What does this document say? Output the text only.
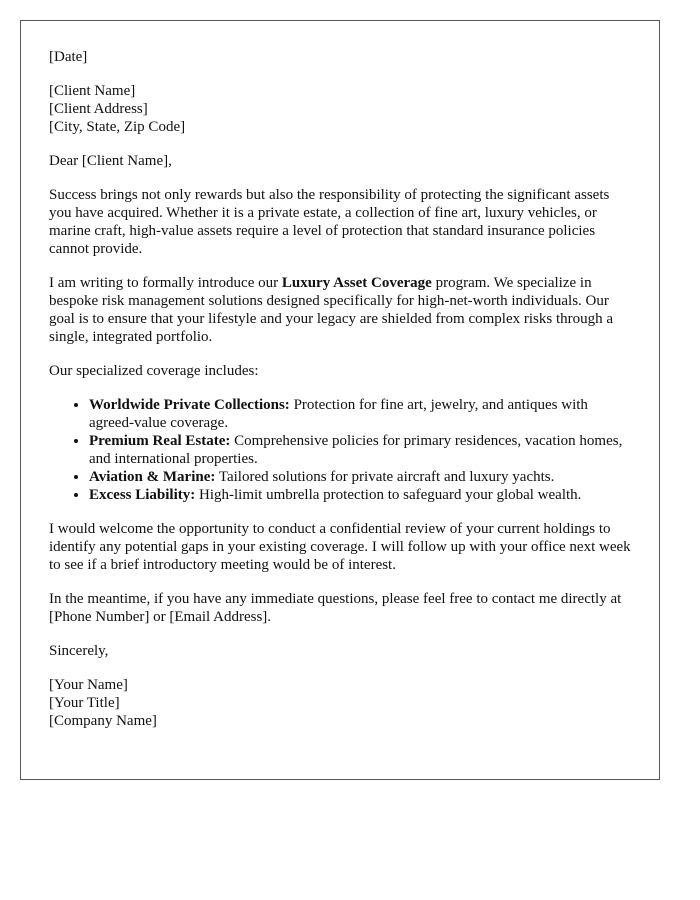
[Date]
[Client Name]
[Client Address]
[City, State, Zip Code]

Dear [Client Name],

Success brings not only rewards but also the responsibility of protecting the significant assets you have acquired. Whether it is a private estate, a collection of fine art, luxury vehicles, or marine craft, high-value assets require a level of protection that standard insurance policies cannot provide.

I am writing to formally introduce our Luxury Asset Coverage program. We specialize in bespoke risk management solutions designed specifically for high-net-worth individuals. Our goal is to ensure that your lifestyle and your legacy are shielded from complex risks through a single, integrated portfolio.

Our specialized coverage includes:

• Worldwide Private Collections: Protection for fine art, jewelry, and antiques with agreed-value coverage.
• Premium Real Estate: Comprehensive policies for primary residences, vacation homes, and international properties.
• Aviation & Marine: Tailored solutions for private aircraft and luxury yachts.
• Excess Liability: High-limit umbrella protection to safeguard your global wealth.

I would welcome the opportunity to conduct a confidential review of your current holdings to identify any potential gaps in your existing coverage. I will follow up with your office next week to see if a brief introductory meeting would be of interest.

In the meantime, if you have any immediate questions, please feel free to contact me directly at [Phone Number] or [Email Address].

Sincerely,

[Your Name]
[Your Title]
[Company Name]
